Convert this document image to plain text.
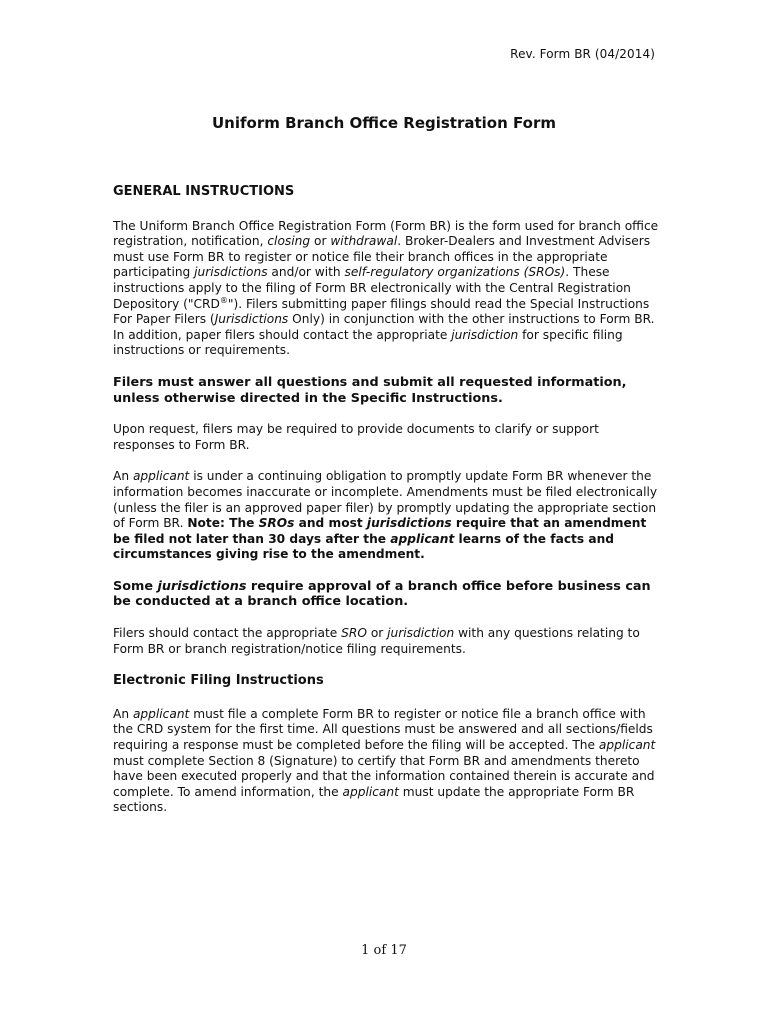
Rev. Form BR (04/2014)
Uniform Branch Office Registration Form

GENERAL INSTRUCTIONS

The Uniform Branch Office Registration Form (Form BR) is the form used for branch office registration, notification, closing or withdrawal. Broker-Dealers and Investment Advisers must use Form BR to register or notice file their branch offices in the appropriate participating jurisdictions and/or with self-regulatory organizations (SROs). These instructions apply to the filing of Form BR electronically with the Central Registration Depository ("CRD®"). Filers submitting paper filings should read the Special Instructions For Paper Filers (Jurisdictions Only) in conjunction with the other instructions to Form BR. In addition, paper filers should contact the appropriate jurisdiction for specific filing instructions or requirements.

Filers must answer all questions and submit all requested information, unless otherwise directed in the Specific Instructions.

Upon request, filers may be required to provide documents to clarify or support responses to Form BR.

An applicant is under a continuing obligation to promptly update Form BR whenever the information becomes inaccurate or incomplete. Amendments must be filed electronically (unless the filer is an approved paper filer) by promptly updating the appropriate section of Form BR. Note: The SROs and most jurisdictions require that an amendment be filed not later than 30 days after the applicant learns of the facts and circumstances giving rise to the amendment.

Some jurisdictions require approval of a branch office before business can be conducted at a branch office location.

Filers should contact the appropriate SRO or jurisdiction with any questions relating to Form BR or branch registration/notice filing requirements.

Electronic Filing Instructions

An applicant must file a complete Form BR to register or notice file a branch office with the CRD system for the first time. All questions must be answered and all sections/fields requiring a response must be completed before the filing will be accepted. The applicant must complete Section 8 (Signature) to certify that Form BR and amendments thereto have been executed properly and that the information contained therein is accurate and complete. To amend information, the applicant must update the appropriate Form BR sections.

1 of 17
